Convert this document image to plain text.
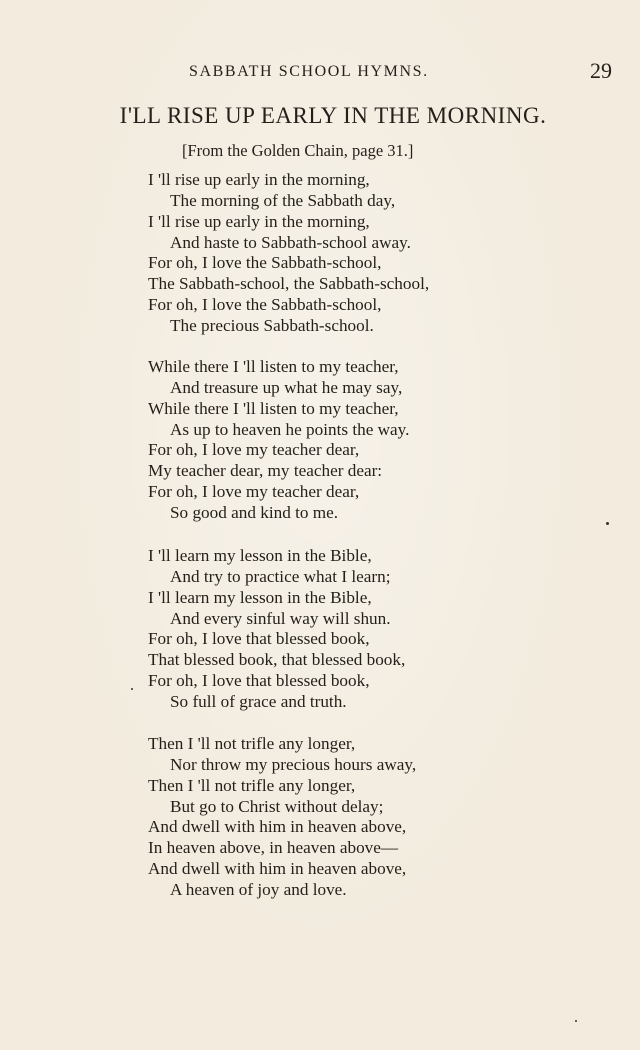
SABBATH SCHOOL HYMNS.	29
I'LL RISE UP EARLY IN THE MORNING.
[From the Golden Chain, page 31.]
I 'll rise up early in the morning,
The morning of the Sabbath day,
I 'll rise up early in the morning,
And haste to Sabbath-school away.
For oh, I love the Sabbath-school,
The Sabbath-school, the Sabbath-school,
For oh, I love the Sabbath-school,
The precious Sabbath-school.
While there I 'll listen to my teacher,
And treasure up what he may say,
While there I 'll listen to my teacher,
As up to heaven he points the way.
For oh, I love my teacher dear,
My teacher dear, my teacher dear:
For oh, I love my teacher dear,
So good and kind to me.
I 'll learn my lesson in the Bible,
And try to practice what I learn;
I 'll learn my lesson in the Bible,
And every sinful way will shun.
For oh, I love that blessed book,
That blessed book, that blessed book,
For oh, I love that blessed book,
So full of grace and truth.
Then I 'll not trifle any longer,
Nor throw my precious hours away,
Then I 'll not trifle any longer,
But go to Christ without delay;
And dwell with him in heaven above,
In heaven above, in heaven above—
And dwell with him in heaven above,
A heaven of joy and love.
